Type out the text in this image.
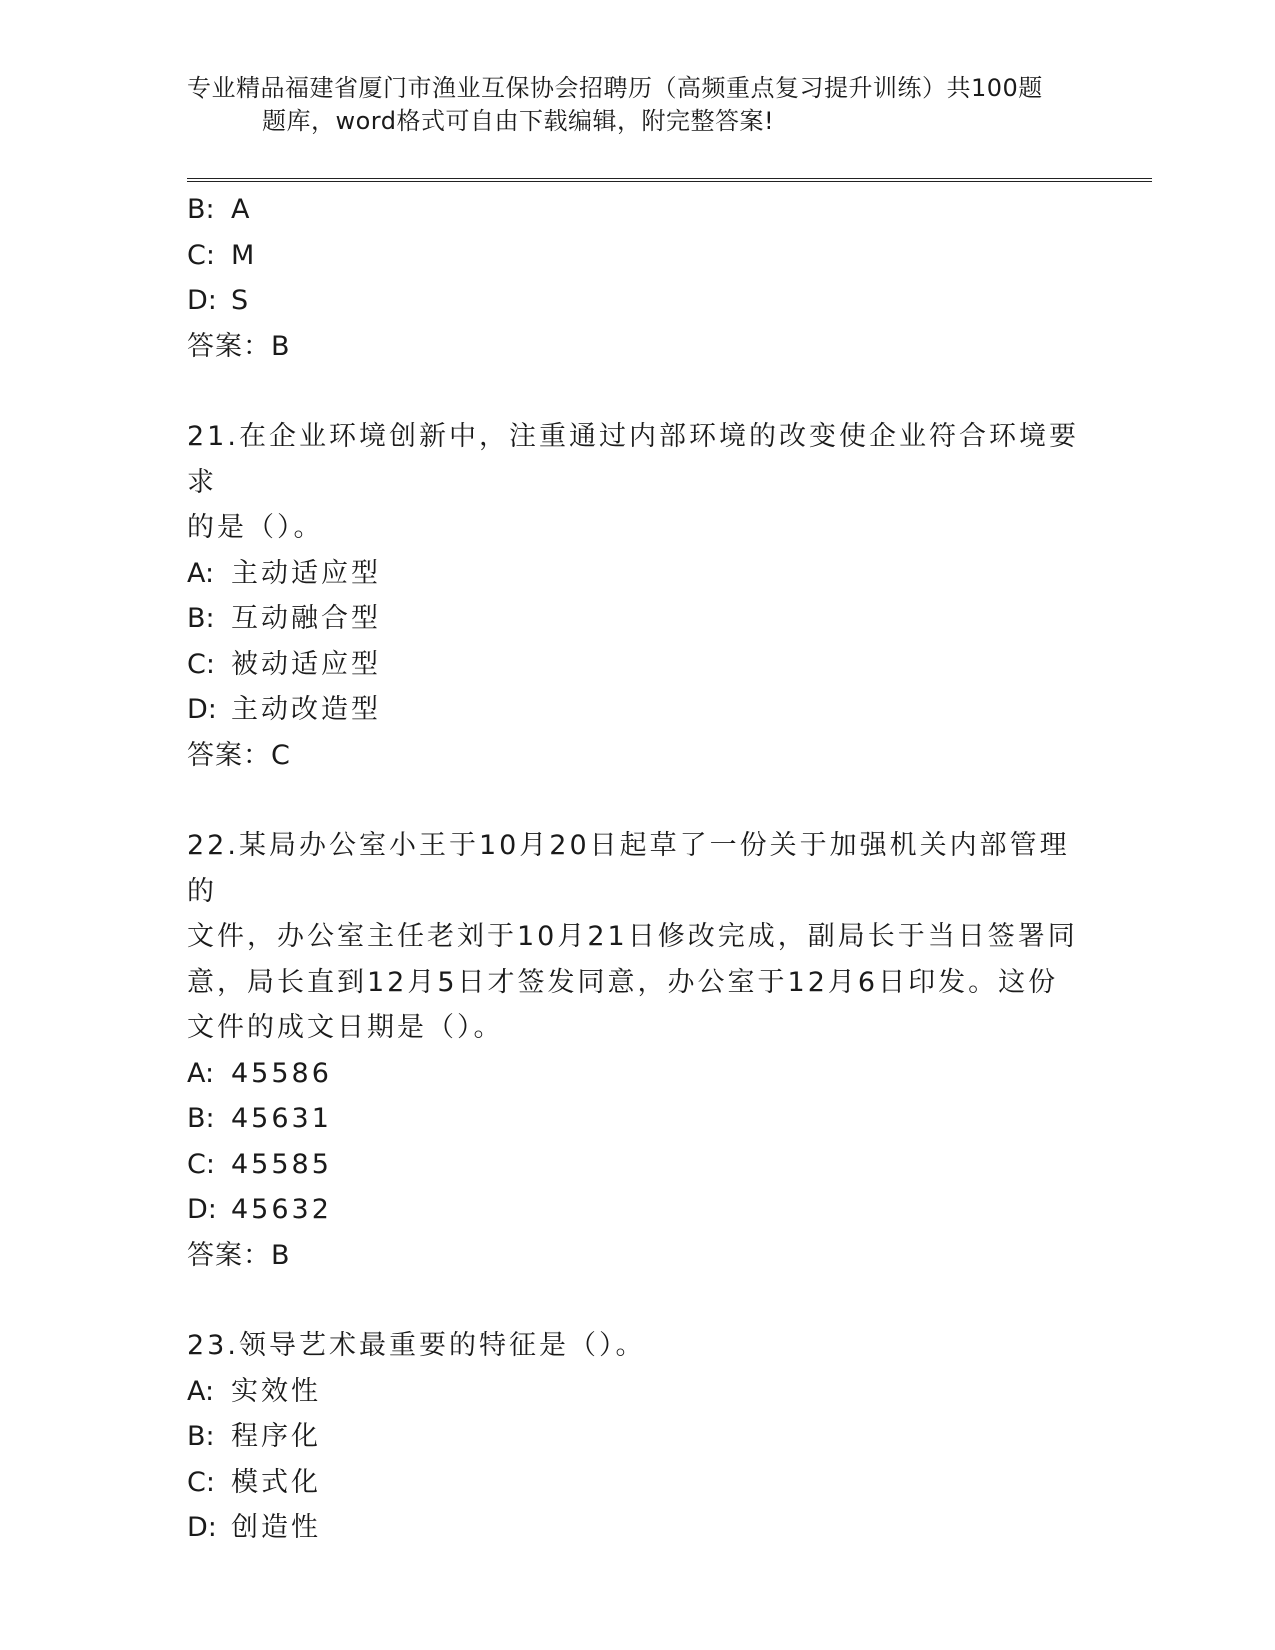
专业精品福建省厦门市渔业互保协会招聘历（高频重点复习提升训练）共100题
题库，word格式可自由下载编辑，附完整答案!
B: A
C: M
D: S
答案：B
21.在企业环境创新中，注重通过内部环境的改变使企业符合环境要求
的是（）。
A: 主动适应型
B: 互动融合型
C: 被动适应型
D: 主动改造型
答案：C
22.某局办公室小王于10月20日起草了一份关于加强机关内部管理的
文件，办公室主任老刘于10月21日修改完成，副局长于当日签署同
意，局长直到12月5日才签发同意，办公室于12月6日印发。这份
文件的成文日期是（）。
A: 45586
B: 45631
C: 45585
D: 45632
答案：B
23.领导艺术最重要的特征是（）。
A: 实效性
B: 程序化
C: 模式化
D: 创造性
